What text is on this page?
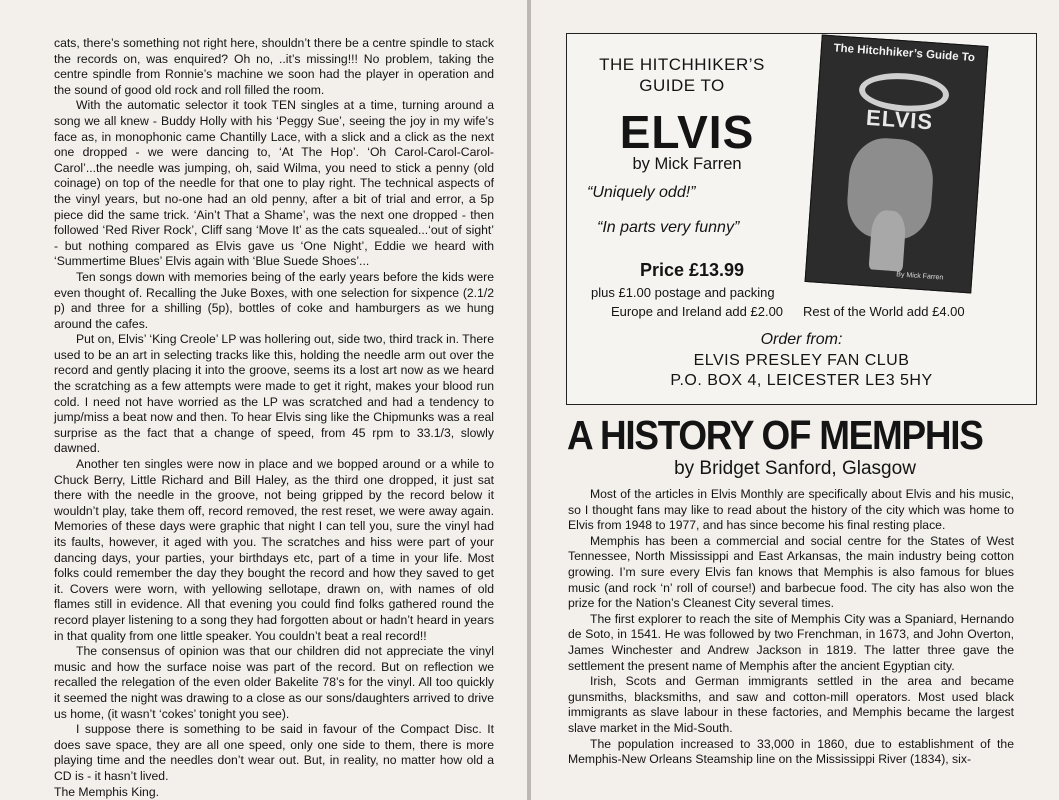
cats, there’s something not right here, shouldn’t there be a centre spindle to stack the records on, was enquired? Oh no, ..it’s missing!!! No problem, taking the centre spindle from Ronnie’s machine we soon had the player in operation and the sound of good old rock and roll filled the room.

With the automatic selector it took TEN singles at a time, turning around a song we all knew - Buddy Holly with his ‘Peggy Sue’, seeing the joy in my wife’s face as, in monophonic came Chantilly Lace, with a slick and a click as the next one dropped - we were dancing to, ‘At The Hop’. ‘Oh Carol-Carol-Carol-Carol’...the needle was jumping, oh, said Wilma, you need to stick a penny (old coinage) on top of the needle for that one to play right. The technical aspects of the vinyl years, but no-one had an old penny, after a bit of trial and error, a 5p piece did the same trick. ‘Ain’t That a Shame’, was the next one dropped - then followed ‘Red River Rock’, Cliff sang ‘Move It’ as the cats squealed...‘out of sight’ - but nothing compared as Elvis gave us ‘One Night’, Eddie we heard with ‘Summertime Blues’ Elvis again with ‘Blue Suede Shoes’...

Ten songs down with memories being of the early years before the kids were even thought of. Recalling the Juke Boxes, with one selection for sixpence (2.1/2 p) and three for a shilling (5p), bottles of coke and hamburgers as we hung around the cafes.

Put on, Elvis’ ‘King Creole’ LP was hollering out, side two, third track in. There used to be an art in selecting tracks like this, holding the needle arm out over the record and gently placing it into the groove, seems its a lost art now as we heard the scratching as a few attempts were made to get it right, makes your blood run cold. I need not have worried as the LP was scratched and had a tendency to jump/miss a beat now and then. To hear Elvis sing like the Chipmunks was a real surprise as the fact that a change of speed, from 45 rpm to 33.1/3, slowly dawned.

Another ten singles were now in place and we bopped around or a while to Chuck Berry, Little Richard and Bill Haley, as the third one dropped, it just sat there with the needle in the groove, not being gripped by the record below it wouldn’t play, take them off, record removed, the rest reset, we were away again. Memories of these days were graphic that night I can tell you, sure the vinyl had its faults, however, it aged with you. The scratches and hiss were part of your dancing days, your parties, your birthdays etc, part of a time in your life. Most folks could remember the day they bought the record and how they saved to get it. Covers were worn, with yellowing sellotape, drawn on, with names of old flames still in evidence. All that evening you could find folks gathered round the record player listening to a song they had forgotten about or hadn’t heard in years in that quality from one little speaker. You couldn’t beat a real record!!

The consensus of opinion was that our children did not appreciate the vinyl music and how the surface noise was part of the record. But on reflection we recalled the relegation of the even older Bakelite 78’s for the vinyl. All too quickly it seemed the night was drawing to a close as our sons/daughters arrived to drive us home, (it wasn’t ‘cokes’ tonight you see).

I suppose there is something to be said in favour of the Compact Disc. It does save space, they are all one speed, only one side to them, there is more playing time and the needles don’t wear out. But, in reality, no matter how old a CD is - it hasn’t lived.

The Memphis King.

THE HITCHHIKER’S
GUIDE TO
ELVIS
by Mick Farren
“Uniquely odd!”
“In parts very funny”
Price £13.99
plus £1.00 postage and packing
Europe and Ireland add £2.00 Rest of the World add £4.00
Order from:
ELVIS PRESLEY FAN CLUB
P.O. BOX 4, LEICESTER LE3 5HY
The Hitchhiker’s Guide To
ELVIS
By Mick Farren
A HISTORY OF MEMPHIS
by Bridget Sanford, Glasgow

Most of the articles in Elvis Monthly are specifically about Elvis and his music, so I thought fans may like to read about the history of the city which was home to Elvis from 1948 to 1977, and has since become his final resting place.

Memphis has been a commercial and social centre for the States of West Tennessee, North Mississippi and East Arkansas, the main industry being cotton growing. I’m sure every Elvis fan knows that Memphis is also famous for blues music (and rock ‘n’ roll of course!) and barbecue food. The city has also won the prize for the Nation’s Cleanest City several times.

The first explorer to reach the site of Memphis City was a Spaniard, Hernando de Soto, in 1541. He was followed by two Frenchman, in 1673, and John Overton, James Winchester and Andrew Jackson in 1819. The latter three gave the settlement the present name of Memphis after the ancient Egyptian city.

Irish, Scots and German immigrants settled in the area and became gunsmiths, blacksmiths, and saw and cotton-mill operators. Most used black immigrants as slave labour in these factories, and Memphis became the largest slave market in the Mid-South.

The population increased to 33,000 in 1860, due to establishment of the Memphis-New Orleans Steamship line on the Mississippi River (1834), six-
